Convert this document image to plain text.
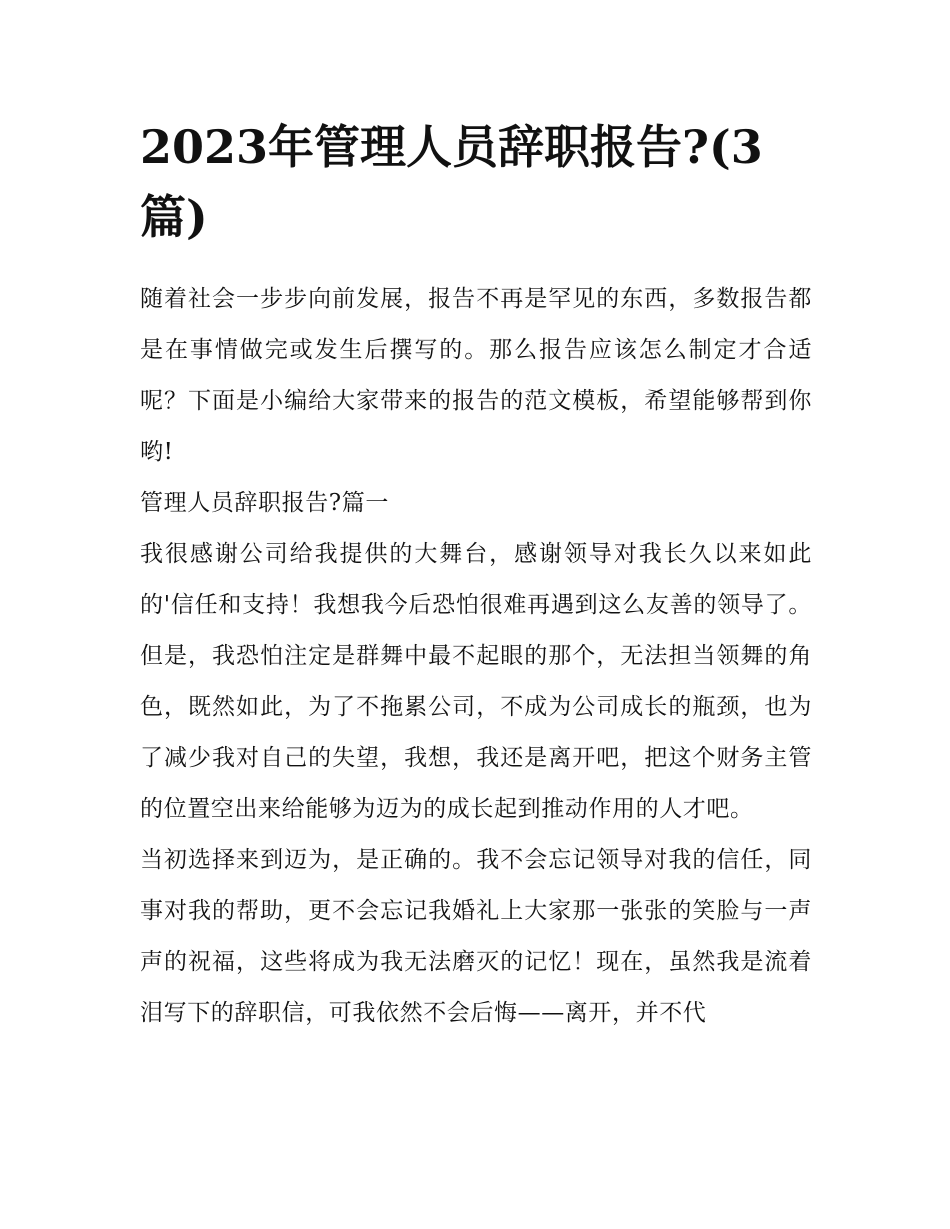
2023年管理人员辞职报告?(3篇)

随着社会一步步向前发展，报告不再是罕见的东西，多数报告都是在事情做完或发生后撰写的。那么报告应该怎么制定才合适呢？下面是小编给大家带来的报告的范文模板，希望能够帮到你哟!

管理人员辞职报告?篇一

我很感谢公司给我提供的大舞台，感谢领导对我长久以来如此的'信任和支持！我想我今后恐怕很难再遇到这么友善的领导了。但是，我恐怕注定是群舞中最不起眼的那个，无法担当领舞的角色，既然如此，为了不拖累公司，不成为公司成长的瓶颈，也为了减少我对自己的失望，我想，我还是离开吧，把这个财务主管的位置空出来给能够为迈为的成长起到推动作用的人才吧。

当初选择来到迈为，是正确的。我不会忘记领导对我的信任，同事对我的帮助，更不会忘记我婚礼上大家那一张张的笑脸与一声声的祝福，这些将成为我无法磨灭的记忆！现在，虽然我是流着泪写下的辞职信，可我依然不会后悔——离开，并不代
